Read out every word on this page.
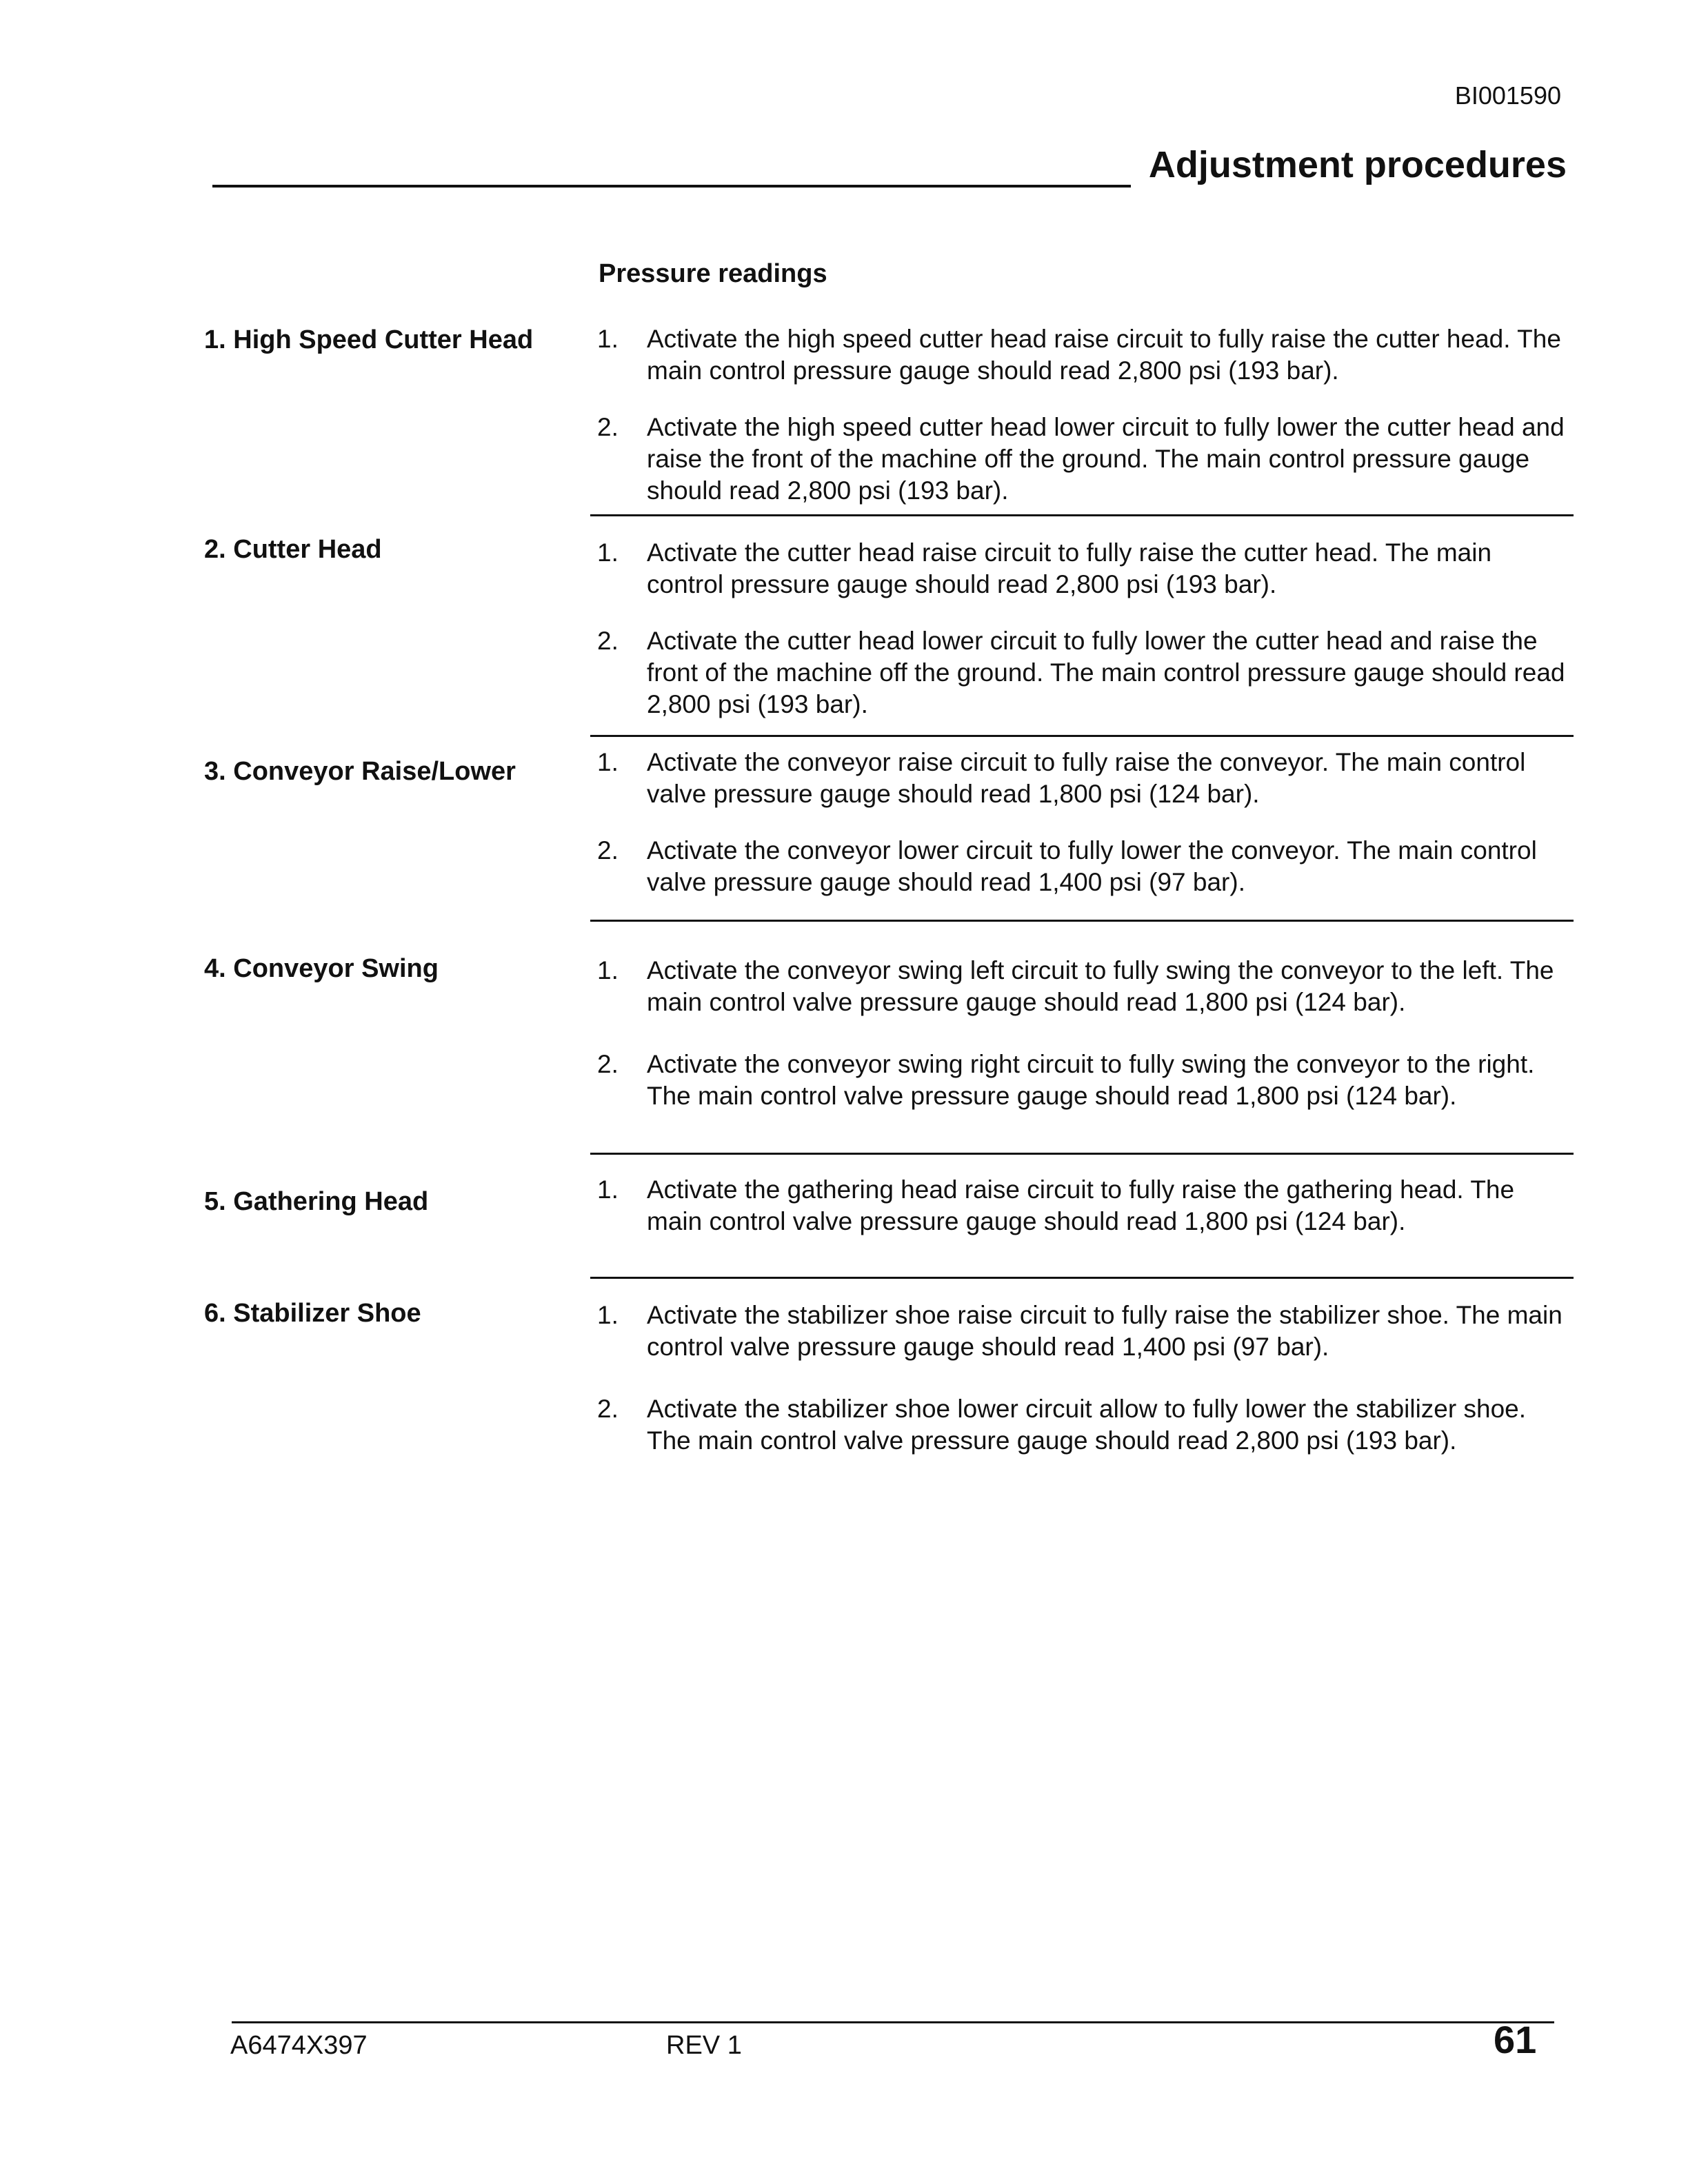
BI001590
Adjustment procedures
Pressure readings
1. High Speed Cutter Head	1. Activate the high speed cutter head raise circuit to fully raise the cutter head. The main control pressure gauge should read 2,800 psi (193 bar).
2. Activate the high speed cutter head lower circuit to fully lower the cutter head and raise the front of the machine off the ground. The main control pressure gauge should read 2,800 psi (193 bar).
2. Cutter Head	1. Activate the cutter head raise circuit to fully raise the cutter head. The main control pressure gauge should read 2,800 psi (193 bar).
2. Activate the cutter head lower circuit to fully lower the cutter head and raise the front of the machine off the ground. The main control pressure gauge should read 2,800 psi (193 bar).
3. Conveyor Raise/Lower	1. Activate the conveyor raise circuit to fully raise the conveyor. The main control valve pressure gauge should read 1,800 psi (124 bar).
2. Activate the conveyor lower circuit to fully lower the conveyor. The main control valve pressure gauge should read 1,400 psi (97 bar).
4. Conveyor Swing	1. Activate the conveyor swing left circuit to fully swing the conveyor to the left. The main control valve pressure gauge should read 1,800 psi (124 bar).
2. Activate the conveyor swing right circuit to fully swing the conveyor to the right. The main control valve pressure gauge should read 1,800 psi (124 bar).
5. Gathering Head	1. Activate the gathering head raise circuit to fully raise the gathering head. The main control valve pressure gauge should read 1,800 psi (124 bar).
6. Stabilizer Shoe	1. Activate the stabilizer shoe raise circuit to fully raise the stabilizer shoe. The main control valve pressure gauge should read 1,400 psi (97 bar).
2. Activate the stabilizer shoe lower circuit allow to fully lower the stabilizer shoe. The main control valve pressure gauge should read 2,800 psi (193 bar).
A6474X397	REV 1	61
